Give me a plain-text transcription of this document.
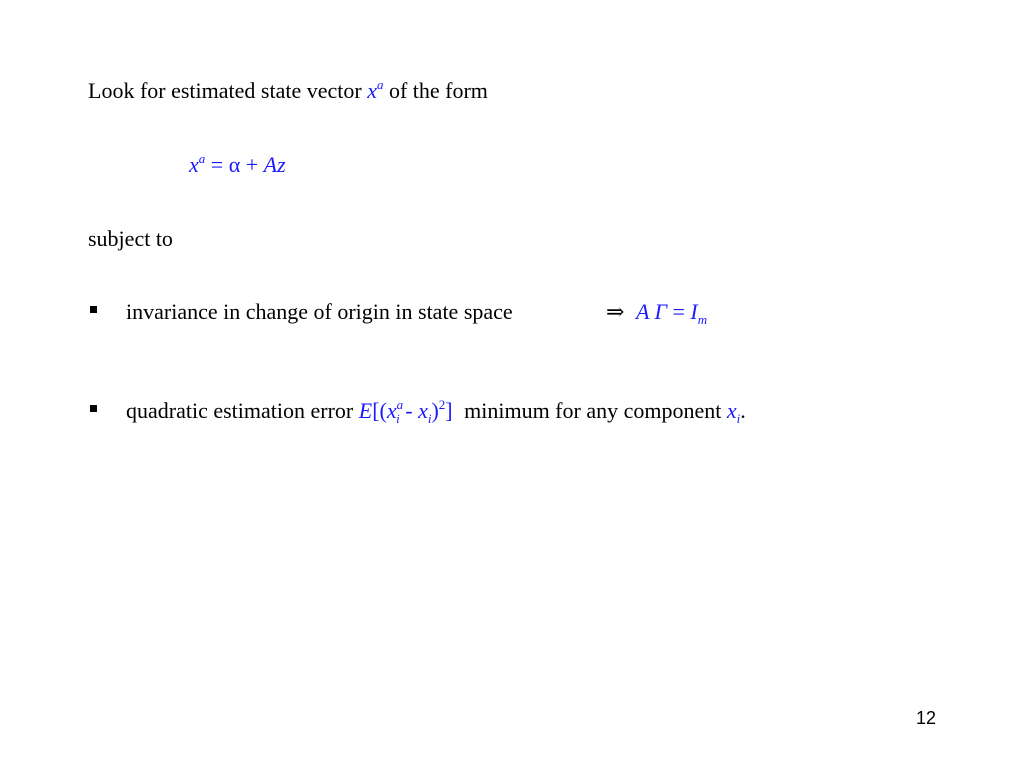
Look for estimated state vector $x^a$ of the form
$x^a = \alpha + Az$
subject to
invariance in change of origin in state space	⇒ A $\Gamma = I_m$
quadratic estimation error $E[(x^a_i - x_i)^2]$ minimum for any component $x_i$.
12
